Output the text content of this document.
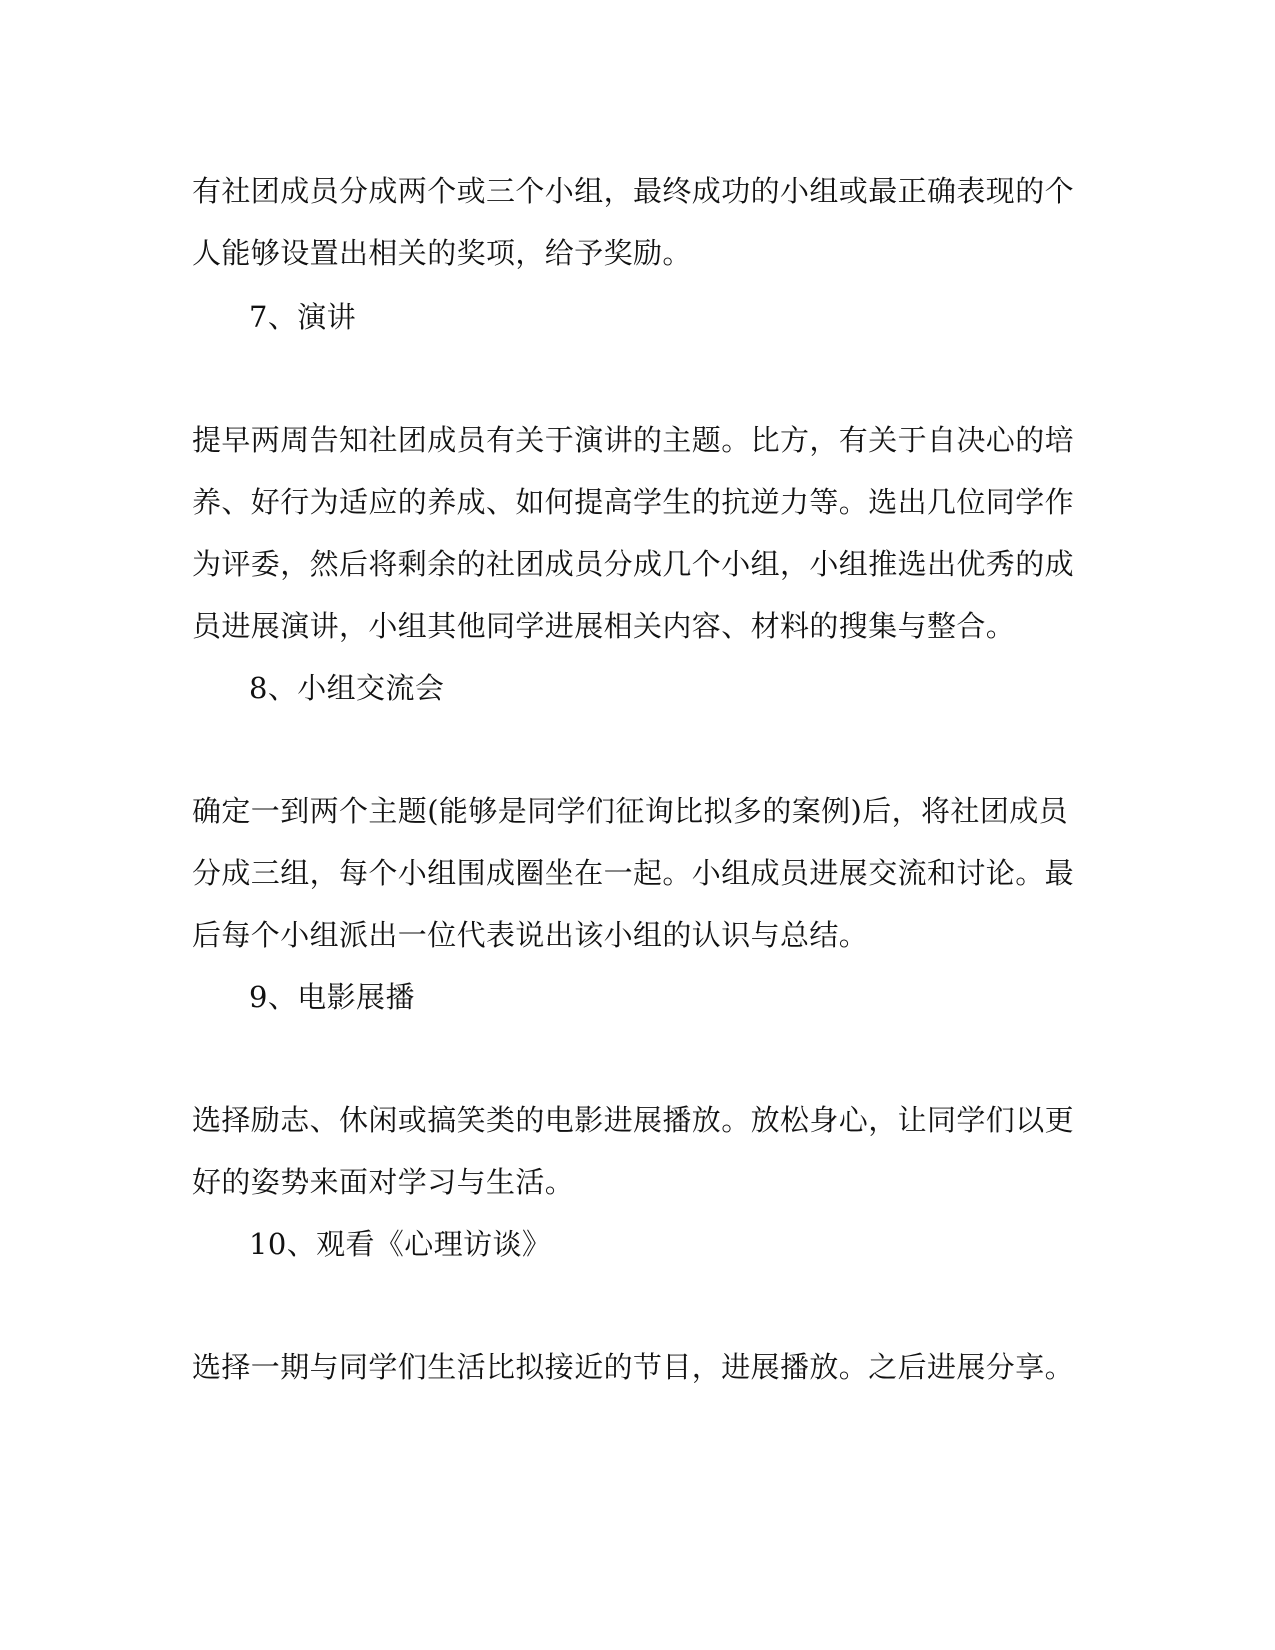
有社团成员分成两个或三个小组，最终成功的小组或最正确表现的个

人能够设置出相关的奖项，给予奖励。

7、演讲

提早两周告知社团成员有关于演讲的主题。比方，有关于自决心的培

养、好行为适应的养成、如何提高学生的抗逆力等。选出几位同学作

为评委，然后将剩余的社团成员分成几个小组，小组推选出优秀的成

员进展演讲，小组其他同学进展相关内容、材料的搜集与整合。

8、小组交流会

确定一到两个主题(能够是同学们征询比拟多的案例)后，将社团成员

分成三组，每个小组围成圈坐在一起。小组成员进展交流和讨论。最

后每个小组派出一位代表说出该小组的认识与总结。

9、电影展播

选择励志、休闲或搞笑类的电影进展播放。放松身心，让同学们以更

好的姿势来面对学习与生活。

10、观看《心理访谈》

选择一期与同学们生活比拟接近的节目，进展播放。之后进展分享。
